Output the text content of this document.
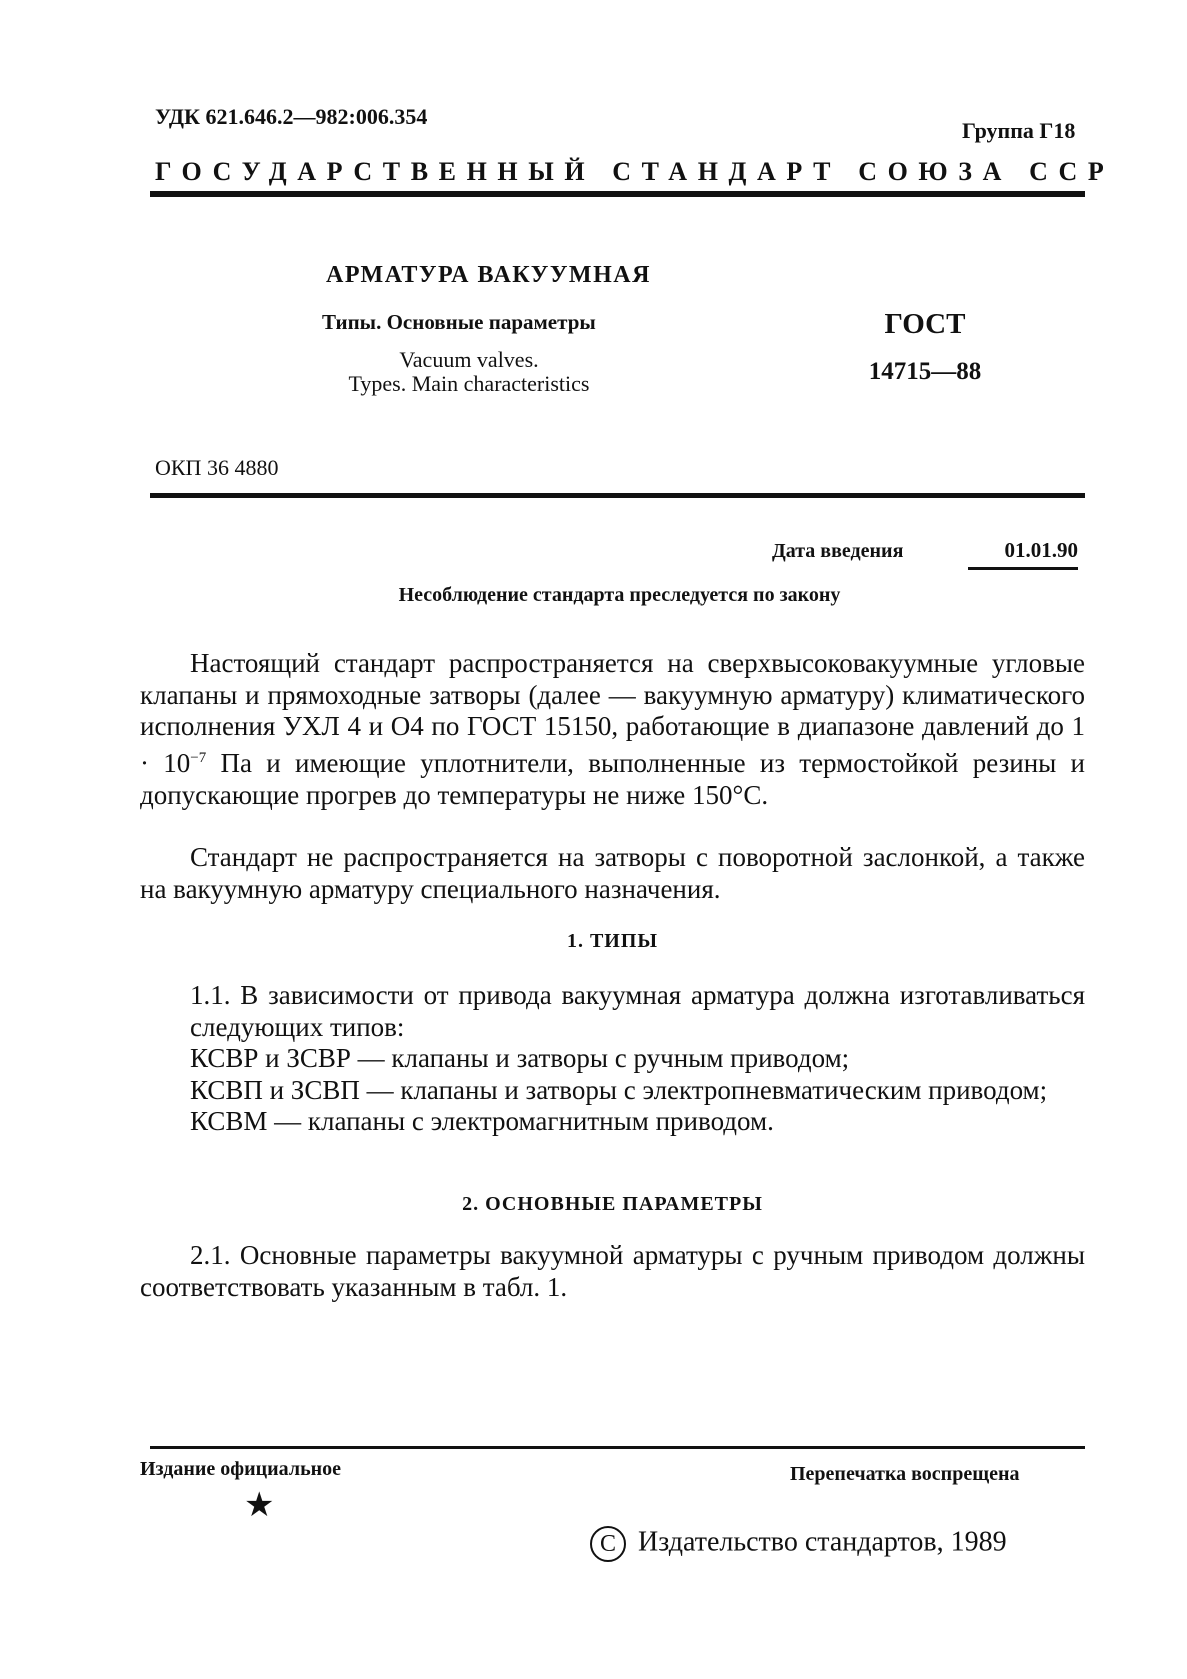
УДК 621.646.2—982:006.354
Группа Г18
ГОСУДАРСТВЕННЫЙ СТАНДАРТ СОЮЗА ССР
АРМАТУРА ВАКУУМНАЯ
Типы. Основные параметры
Vacuum valves.
Types. Main characteristics
ГОСТ
14715—88
ОКП 36 4880
Дата введения	01.01.90
Несоблюдение стандарта преследуется по закону

Настоящий стандарт распространяется на сверхвысоковакуумные угловые клапаны и прямоходные затворы (далее — вакуумную арматуру) климатического исполнения УХЛ 4 и О4 по ГОСТ 15150, работающие в диапазоне давлений до $1 \cdot 10^{-7}$ Па и имеющие уплотнители, выполненные из термостойкой резины и допускающие прогрев до температуры не ниже 150°С.

Стандарт не распространяется на затворы с поворотной заслонкой, а также на вакуумную арматуру специального назначения.

1. ТИПЫ
1.1. В зависимости от привода вакуумная арматура должна изготавливаться следующих типов:
КСВР и ЗСВР — клапаны и затворы с ручным приводом;
КСВП и ЗСВП — клапаны и затворы с электропневматическим приводом;
КСВМ — клапаны с электромагнитным приводом.
2. ОСНОВНЫЕ ПАРАМЕТРЫ

2.1. Основные параметры вакуумной арматуры с ручным приводом должны соответствовать указанным в табл. 1.

Издание официальное	Перепечатка воспрещена
★
С Издательство стандартов, 1989
